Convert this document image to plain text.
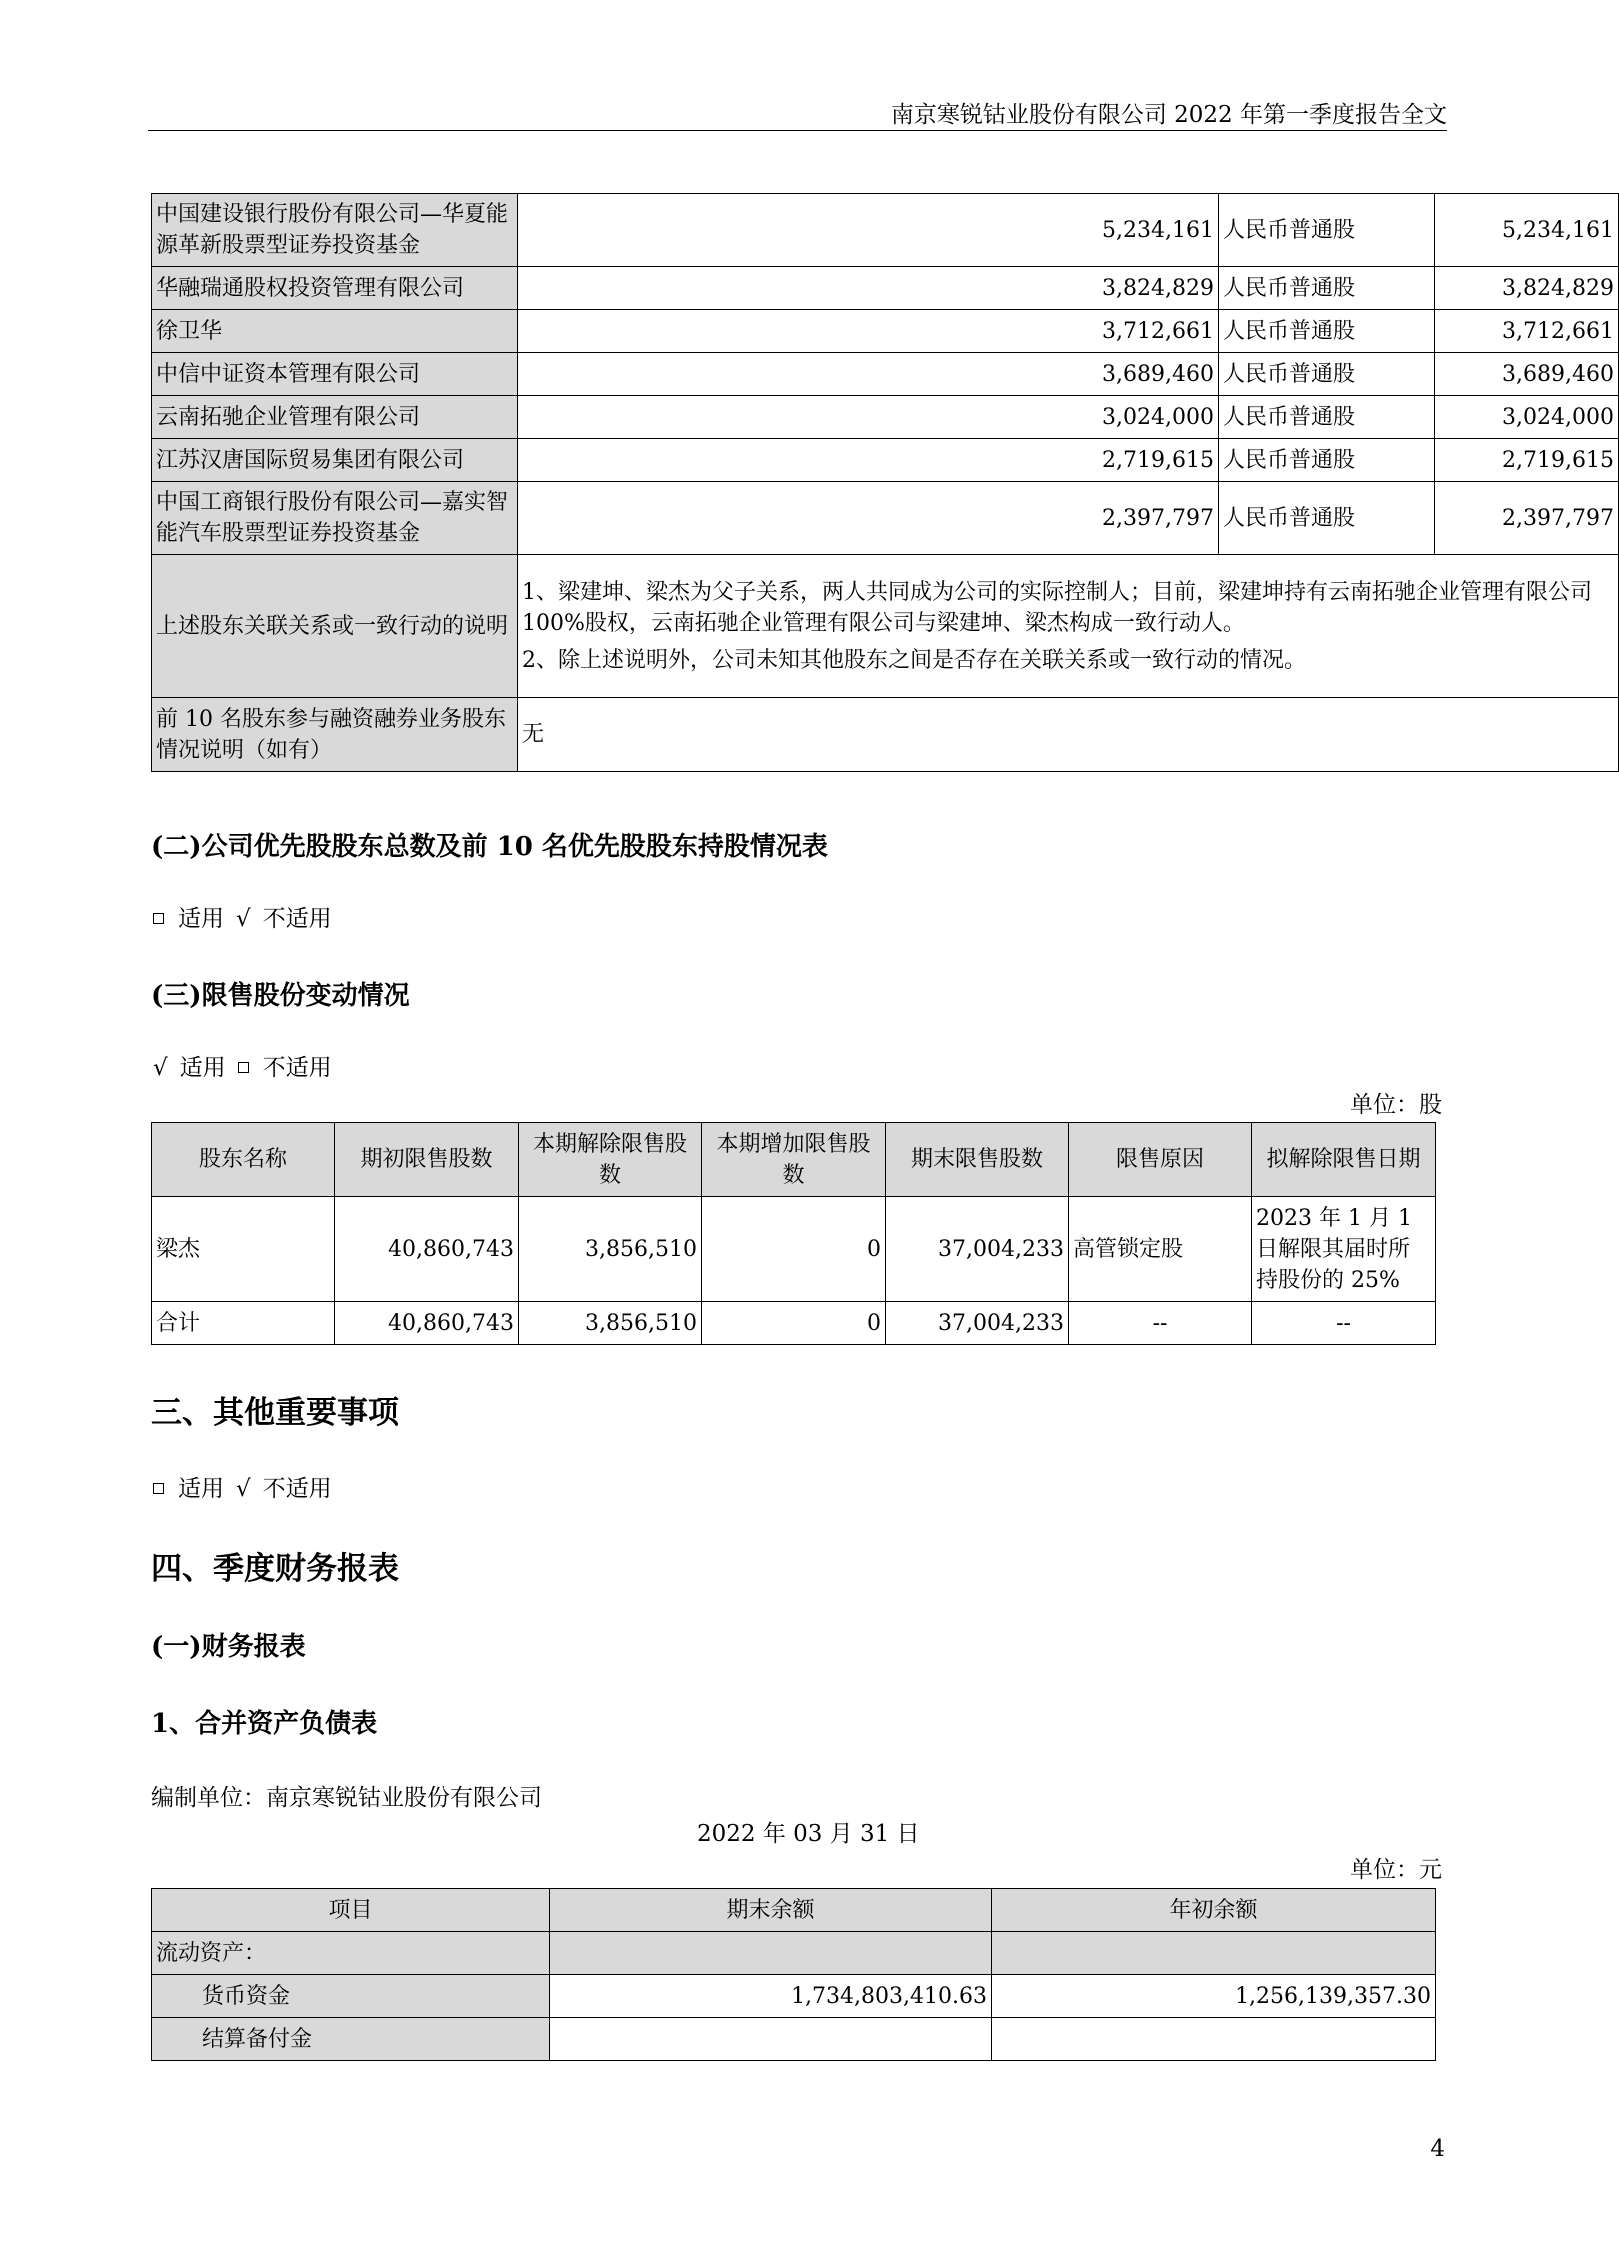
南京寒锐钴业股份有限公司 2022 年第一季度报告全文
中国建设银行股份有限公司—华夏能源革新股票型证券投资基金	5,234,161	人民币普通股	5,234,161
华融瑞通股权投资管理有限公司	3,824,829	人民币普通股	3,824,829
徐卫华	3,712,661	人民币普通股	3,712,661
中信中证资本管理有限公司	3,689,460	人民币普通股	3,689,460
云南拓驰企业管理有限公司	3,024,000	人民币普通股	3,024,000
江苏汉唐国际贸易集团有限公司	2,719,615	人民币普通股	2,719,615
中国工商银行股份有限公司—嘉实智能汽车股票型证券投资基金	2,397,797	人民币普通股	2,397,797
上述股东关联关系或一致行动的说明	1、梁建坤、梁杰为父子关系，两人共同成为公司的实际控制人；目前，梁建坤持有云南拓驰企业管理有限公司 100%股权，云南拓驰企业管理有限公司与梁建坤、梁杰构成一致行动人。

2、除上述说明外，公司未知其他股东之间是否存在关联关系或一致行动的情况。		

前 10 名股东参与融资融券业务股东情况说明（如有）	无		
(二)公司优先股股东总数及前 10 名优先股股东持股情况表
适用 √ 不适用
(三)限售股份变动情况
√ 适用 不适用
单位：股
股东名称	期初限售股数	本期解除限售股数	本期增加限售股数	期末限售股数	限售原因	拟解除限售日期
梁杰	40,860,743	3,856,510	0	37,004,233	高管锁定股	2023 年 1 月 1 日解限其届时所持股份的 25%
合计	40,860,743	3,856,510	0	37,004,233	--	--
三、其他重要事项
适用 √ 不适用
四、季度财务报表
(一)财务报表
1、合并资产负债表
编制单位：南京寒锐钴业股份有限公司
2022 年 03 月 31 日
单位：元
项目	期末余额	年初余额
流动资产：		
货币资金	1,734,803,410.63	1,256,139,357.30
结算备付金		
4
